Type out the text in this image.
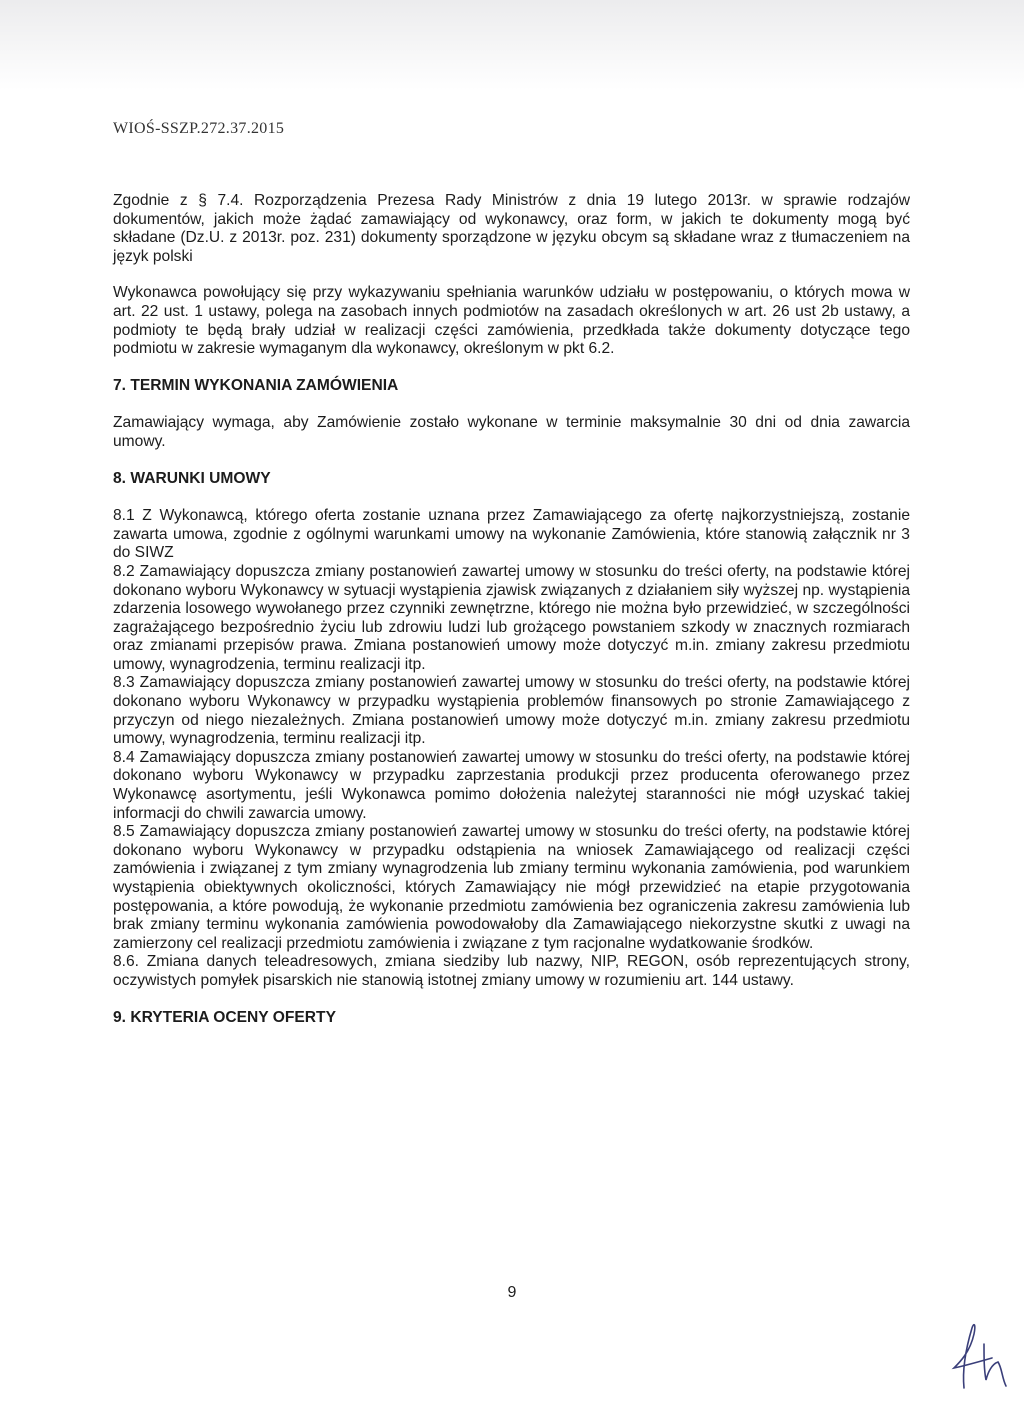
WIOŚ-SSZP.272.37.2015

Zgodnie z § 7.4. Rozporządzenia Prezesa Rady Ministrów z dnia 19 lutego 2013r. w sprawie rodzajów dokumentów, jakich może żądać zamawiający od wykonawcy, oraz form, w jakich te dokumenty mogą być składane (Dz.U. z 2013r. poz. 231) dokumenty sporządzone w języku obcym są składane wraz z tłumaczeniem na język polski

Wykonawca powołujący się przy wykazywaniu spełniania warunków udziału w postępowaniu, o których mowa w art. 22 ust. 1 ustawy, polega na zasobach innych podmiotów na zasadach określonych w art. 26 ust 2b ustawy, a podmioty te będą brały udział w realizacji części zamówienia, przedkłada także dokumenty dotyczące tego podmiotu w zakresie wymaganym dla wykonawcy, określonym w pkt 6.2.

7. TERMIN WYKONANIA ZAMÓWIENIA

Zamawiający wymaga, aby Zamówienie zostało wykonane w terminie maksymalnie 30 dni od dnia zawarcia umowy.

8. WARUNKI UMOWY

8.1 Z Wykonawcą, którego oferta zostanie uznana przez Zamawiającego za ofertę najkorzystniejszą, zostanie zawarta umowa, zgodnie z ogólnymi warunkami umowy na wykonanie Zamówienia, które stanowią załącznik nr 3 do SIWZ

8.2 Zamawiający dopuszcza zmiany postanowień zawartej umowy w stosunku do treści oferty, na podstawie której dokonano wyboru Wykonawcy w sytuacji wystąpienia zjawisk związanych z działaniem siły wyższej np. wystąpienia zdarzenia losowego wywołanego przez czynniki zewnętrzne, którego nie można było przewidzieć, w szczególności zagrażającego bezpośrednio życiu lub zdrowiu ludzi lub grożącego powstaniem szkody w znacznych rozmiarach oraz zmianami przepisów prawa. Zmiana postanowień umowy może dotyczyć m.in. zmiany zakresu przedmiotu umowy, wynagrodzenia, terminu realizacji itp.

8.3 Zamawiający dopuszcza zmiany postanowień zawartej umowy w stosunku do treści oferty, na podstawie której dokonano wyboru Wykonawcy w przypadku wystąpienia problemów finansowych po stronie Zamawiającego z przyczyn od niego niezależnych. Zmiana postanowień umowy może dotyczyć m.in. zmiany zakresu przedmiotu umowy, wynagrodzenia, terminu realizacji itp.

8.4 Zamawiający dopuszcza zmiany postanowień zawartej umowy w stosunku do treści oferty, na podstawie której dokonano wyboru Wykonawcy w przypadku zaprzestania produkcji przez producenta oferowanego przez Wykonawcę asortymentu, jeśli Wykonawca pomimo dołożenia należytej staranności nie mógł uzyskać takiej informacji do chwili zawarcia umowy.

8.5 Zamawiający dopuszcza zmiany postanowień zawartej umowy w stosunku do treści oferty, na podstawie której dokonano wyboru Wykonawcy w przypadku odstąpienia na wniosek Zamawiającego od realizacji części zamówienia i związanej z tym zmiany wynagrodzenia lub zmiany terminu wykonania zamówienia, pod warunkiem wystąpienia obiektywnych okoliczności, których Zamawiający nie mógł przewidzieć na etapie przygotowania postępowania, a które powodują, że wykonanie przedmiotu zamówienia bez ograniczenia zakresu zamówienia lub brak zmiany terminu wykonania zamówienia powodowałoby dla Zamawiającego niekorzystne skutki z uwagi na zamierzony cel realizacji przedmiotu zamówienia i związane z tym racjonalne wydatkowanie środków.

8.6. Zmiana danych teleadresowych, zmiana siedziby lub nazwy, NIP, REGON, osób reprezentujących strony, oczywistych pomyłek pisarskich nie stanowią istotnej zmiany umowy w rozumieniu art. 144 ustawy.

9. KRYTERIA OCENY OFERTY
9
